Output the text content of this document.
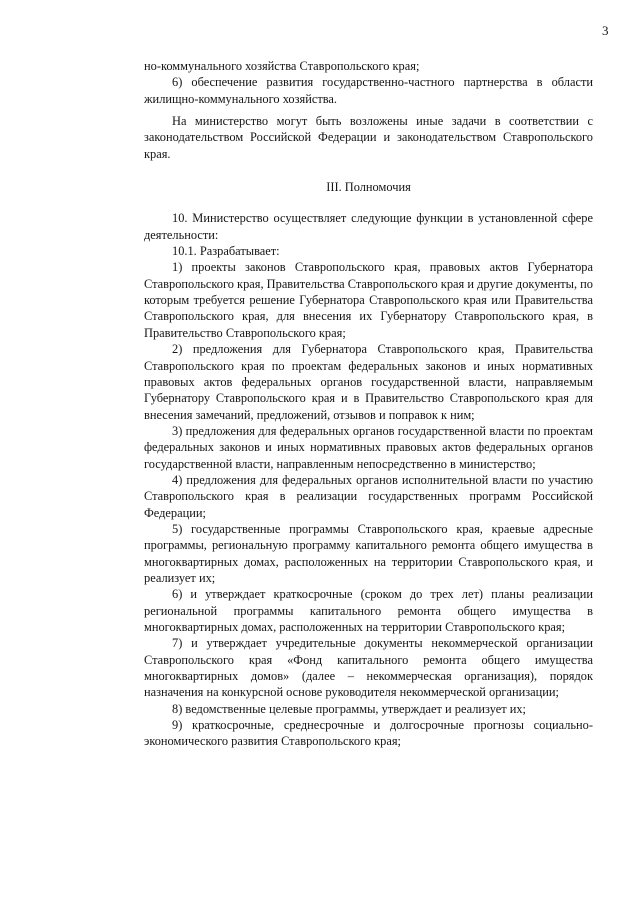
3

но-коммунального хозяйства Ставропольского края;

6) обеспечение развития государственно-частного партнерства в области жилищно-коммунального хозяйства.

На министерство могут быть возложены иные задачи в соответствии с законодательством Российской Федерации и законодательством Ставропольского края.

III. Полномочия

10. Министерство осуществляет следующие функции в установленной сфере деятельности:

10.1. Разрабатывает:

1) проекты законов Ставропольского края, правовых актов Губернатора Ставропольского края, Правительства Ставропольского края и другие документы, по которым требуется решение Губернатора Ставропольского края или Правительства Ставропольского края, для внесения их Губернатору Ставропольского края, в Правительство Ставропольского края;

2) предложения для Губернатора Ставропольского края, Правительства Ставропольского края по проектам федеральных законов и иных нормативных правовых актов федеральных органов государственной власти, направляемым Губернатору Ставропольского края и в Правительство Ставропольского края для внесения замечаний, предложений, отзывов и поправок к ним;

3) предложения для федеральных органов государственной власти по проектам федеральных законов и иных нормативных правовых актов федеральных органов государственной власти, направленным непосредственно в министерство;

4) предложения для федеральных органов исполнительной власти по участию Ставропольского края в реализации государственных программ Российской Федерации;

5) государственные программы Ставропольского края, краевые адресные программы, региональную программу капитального ремонта общего имущества в многоквартирных домах, расположенных на территории Ставропольского края, и реализует их;

6) и утверждает краткосрочные (сроком до трех лет) планы реализации региональной программы капитального ремонта общего имущества в многоквартирных домах, расположенных на территории Ставропольского края;

7) и утверждает учредительные документы некоммерческой организации Ставропольского края «Фонд капитального ремонта общего имущества многоквартирных домов» (далее – некоммерческая организация), порядок назначения на конкурсной основе руководителя некоммерческой организации;

8) ведомственные целевые программы, утверждает и реализует их;

9) краткосрочные, среднесрочные и долгосрочные прогнозы социально-экономического развития Ставропольского края;
